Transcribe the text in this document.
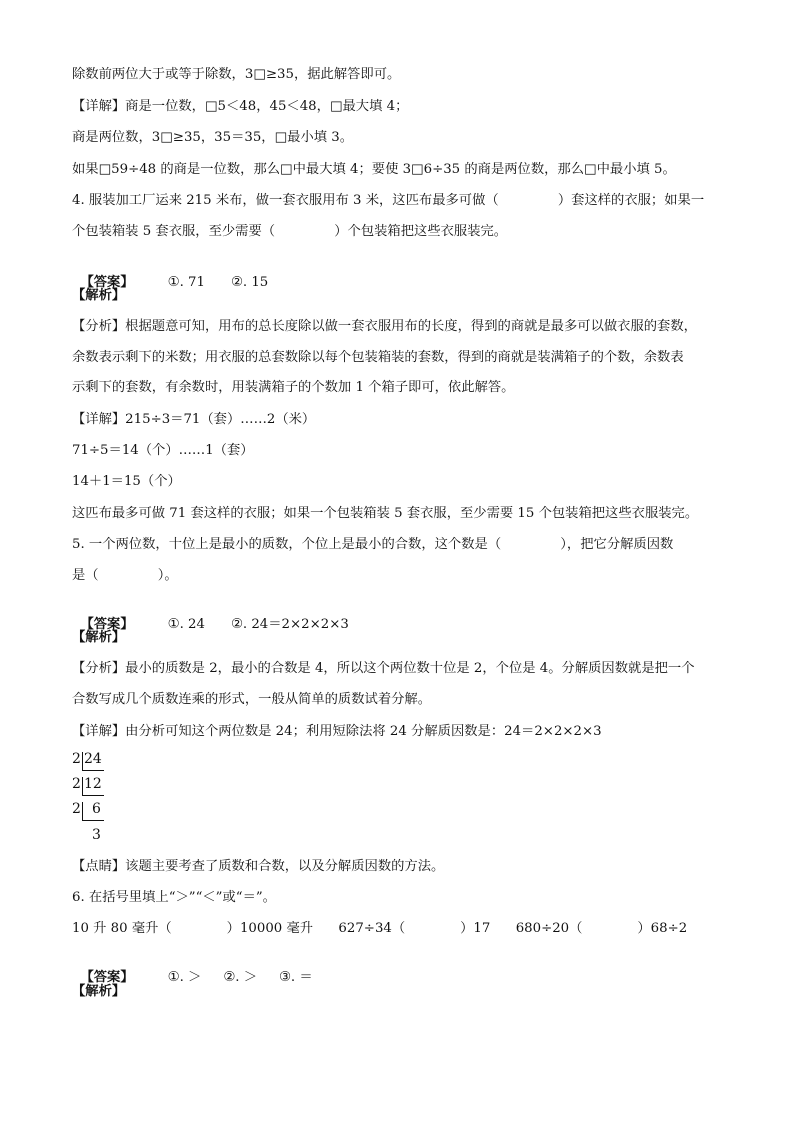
除数前两位大于或等于除数，3□≥35，据此解答即可。
【详解】商是一位数，□5＜48，45＜48，□最大填 4；
商是两位数，3□≥35，35＝35，□最小填 3。
如果□59÷48 的商是一位数，那么□中最大填 4；要使 3□6÷35 的商是两位数，那么□中最小填 5。
4. 服装加工厂运来 215 米布，做一套衣服用布 3 米，这匹布最多可做（              ）套这样的衣服；如果一
个包装箱装 5 套衣服，至少需要（              ）个包装箱把这些衣服装完。

【答案】	①. 71 ②. 15

【解析】
【分析】根据题意可知，用布的总长度除以做一套衣服用布的长度，得到的商就是最多可以做衣服的套数，
余数表示剩下的米数；用衣服的总套数除以每个包装箱装的套数，得到的商就是装满箱子的个数，余数表
示剩下的套数，有余数时，用装满箱子的个数加 1 个箱子即可，依此解答。
【详解】215÷3＝71（套）……2（米）
71÷5＝14（个）……1（套）
14＋1＝15（个）
这匹布最多可做 71 套这样的衣服；如果一个包装箱装 5 套衣服，至少需要 15 个包装箱把这些衣服装完。
5. 一个两位数，十位上是最小的质数，个位上是最小的合数，这个数是（              ），把它分解质因数
是（              ）。

【答案】	①. 24 ②. 24＝2×2×2×3

【解析】
【分析】最小的质数是 2，最小的合数是 4，所以这个两位数十位是 2，个位是 4。分解质因数就是把一个
合数写成几个质数连乘的形式，一般从简单的质数试着分解。
【详解】由分析可知这个两位数是 24；利用短除法将 24 分解质因数是：24＝2×2×2×3
2 24
2 12
2 6
3
【点睛】该题主要考查了质数和合数，以及分解质因数的方法。
6. 在括号里填上“＞”“＜”或“＝”。
10 升 80 毫升（             ）10000 毫升      627÷34（             ）17      680÷20（             ）68÷2

【答案】	①. ＞ ②. ＞ ③. ＝

【解析】
